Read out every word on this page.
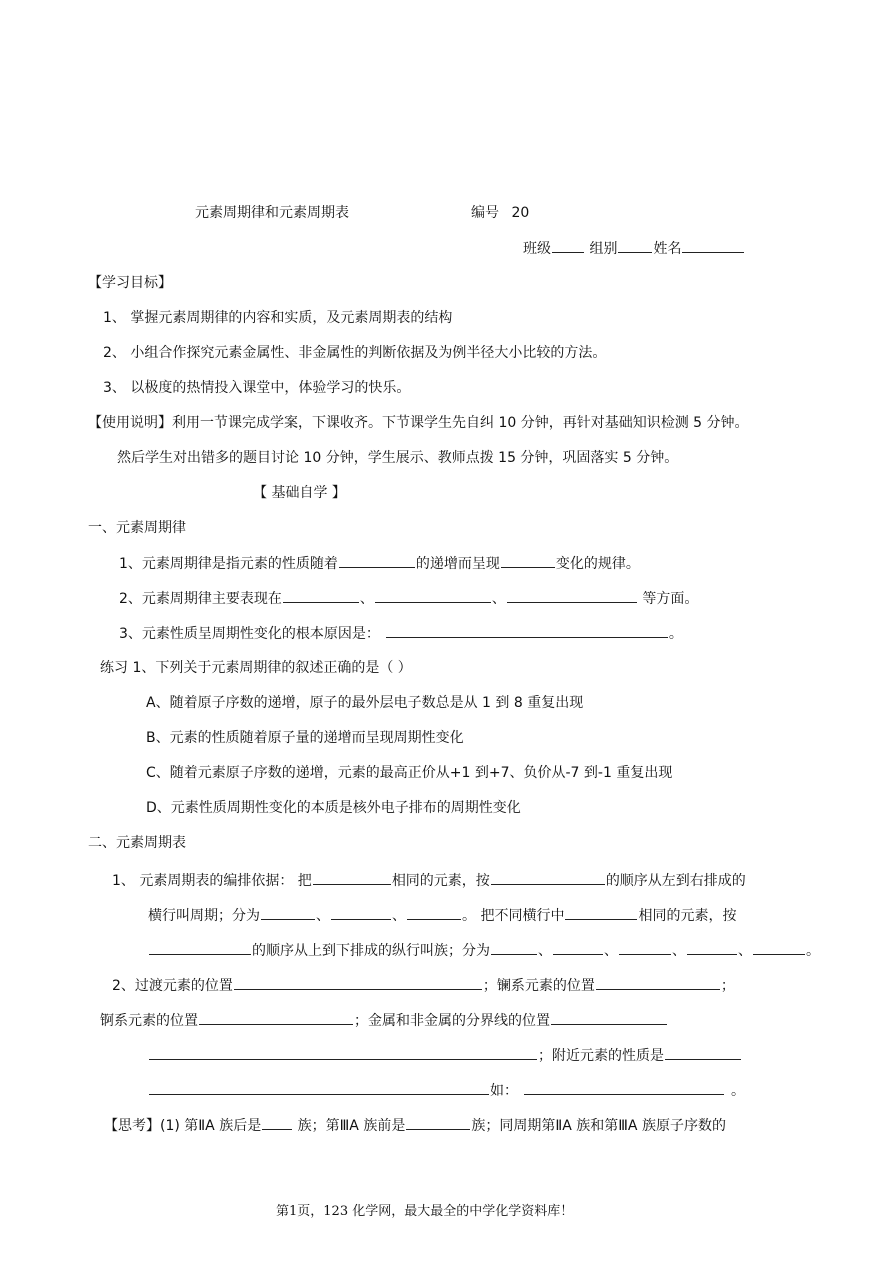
元素周期律和元素周期表	编号 20
班级	组别	姓名
【学习目标】
1、 掌握元素周期律的内容和实质，及元素周期表的结构
2、 小组合作探究元素金属性、非金属性的判断依据及为例半径大小比较的方法。
3、 以极度的热情投入课堂中，体验学习的快乐。
【使用说明】利用一节课完成学案，下课收齐。下节课学生先自纠 10 分钟，再针对基础知识检测 5 分钟。
然后学生对出错多的题目讨论 10 分钟，学生展示、教师点拨 15 分钟，巩固落实 5 分钟。
【 基础自学 】
一、元素周期律
1、元素周期律是指元素的性质随着	的递增而呈现	变化的规律。
2、元素周期律主要表现在	、	、	等方面。
3、元素性质呈周期性变化的根本原因是：	。
练习 1、下列关于元素周期律的叙述正确的是（ ）
A、随着原子序数的递增，原子的最外层电子数总是从 1 到 8 重复出现
B、元素的性质随着原子量的递增而呈现周期性变化
C、随着元素原子序数的递增，元素的最高正价从+1 到+7、负价从-7 到-1 重复出现
D、元素性质周期性变化的本质是核外电子排布的周期性变化
二、元素周期表
1、 元素周期表的编排依据： 把	相同的元素，按	的顺序从左到右排成的
横行叫周期；分为	、	、	。 把不同横行中	相同的元素，按
的顺序从上到下排成的纵行叫族；分为	、	、	、	、	。
2、过渡元素的位置	；镧系元素的位置	；
锕系元素的位置	；金属和非金属的分界线的位置
；附近元素的性质是
如：	。
【思考】(1) 第ⅡA 族后是 族；第ⅢA 族前是	族；同周期第ⅡA 族和第ⅢA 族原子序数的
第1页，123 化学网，最大最全的中学化学资料库！
